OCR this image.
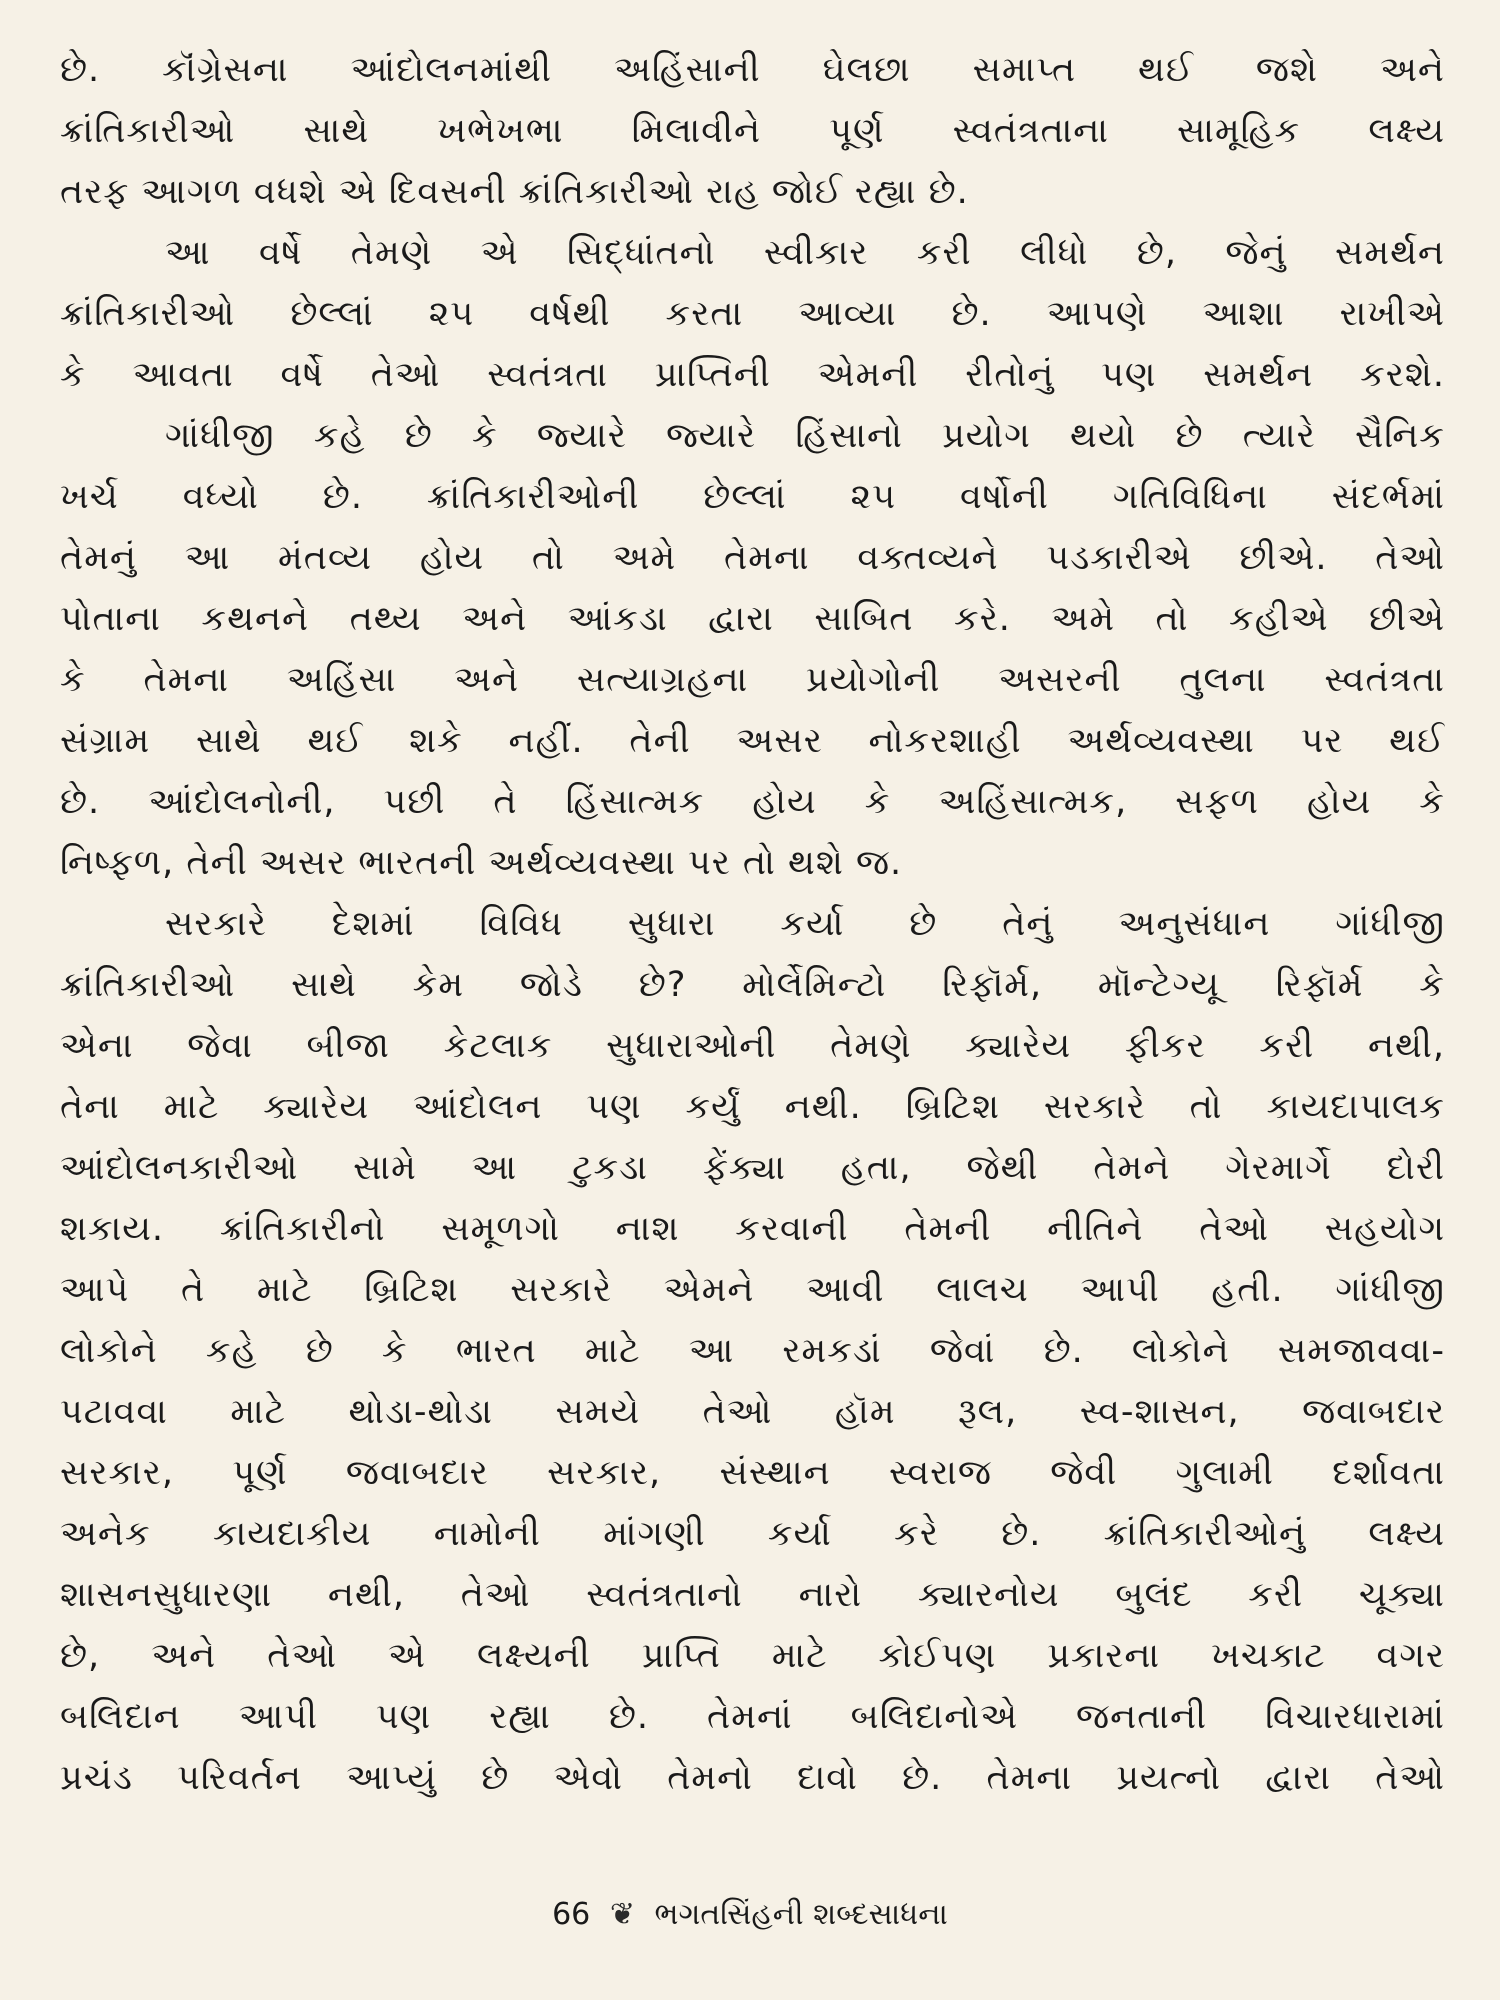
છે. કૉંગ્રેસના આંદોલનમાંથી અહિંસાની ઘેલછા સમાપ્ત થઈ જશે અને
ક્રાંતિકારીઓ સાથે ખભેખભા મિલાવીને પૂર્ણ સ્વતંત્રતાના સામૂહિક લક્ષ્ય
તરફ આગળ વધશે એ દિવસની ક્રાંતિકારીઓ રાહ જોઈ રહ્યા છે.
આ વર્ષે તેમણે એ સિદ્ધાંતનો સ્વીકાર કરી લીધો છે, જેનું સમર્થન
ક્રાંતિકારીઓ છેલ્લાં ૨૫ વર્ષથી કરતા આવ્યા છે. આપણે આશા રાખીએ
કે આવતા વર્ષે તેઓ સ્વતંત્રતા પ્રાપ્તિની એમની રીતોનું પણ સમર્થન કરશે.
ગાંધીજી કહે છે કે જ્યારે જ્યારે હિંસાનો પ્રયોગ થયો છે ત્યારે સૈનિક
ખર્ચ વધ્યો છે. ક્રાંતિકારીઓની છેલ્લાં ૨૫ વર્ષોની ગતિવિધિના સંદર્ભમાં
તેમનું આ મંતવ્ય હોય તો અમે તેમના વક્તવ્યને પડકારીએ છીએ. તેઓ
પોતાના કથનને તથ્ય અને આંકડા દ્વારા સાબિત કરે. અમે તો કહીએ છીએ
કે તેમના અહિંસા અને સત્યાગ્રહના પ્રયોગોની અસરની તુલના સ્વતંત્રતા
સંગ્રામ સાથે થઈ શકે નહીં. તેની અસર નોકરશાહી અર્થવ્યવસ્થા પર થઈ
છે. આંદોલનોની, પછી તે હિંસાત્મક હોય કે અહિંસાત્મક, સફળ હોય કે
નિષ્ફળ, તેની અસર ભારતની અર્થવ્યવસ્થા પર તો થશે જ.
સરકારે દેશમાં વિવિધ સુધારા કર્યા છે તેનું અનુસંધાન ગાંધીજી
ક્રાંતિકારીઓ સાથે કેમ જોડે છે? મોર્લેમિન્ટો રિફૉર્મ, મૉન્ટેગ્યૂ રિફૉર્મ કે
એના જેવા બીજા કેટલાક સુધારાઓની તેમણે ક્યારેય ફીકર કરી નથી,
તેના માટે ક્યારેય આંદોલન પણ કર્યું નથી. બ્રિટિશ સરકારે તો કાયદાપાલક
આંદોલનકારીઓ સામે આ ટુકડા ફેંક્યા હતા, જેથી તેમને ગેરમાર્ગે દોરી
શકાય. ક્રાંતિકારીનો સમૂળગો નાશ કરવાની તેમની નીતિને તેઓ સહયોગ
આપે તે માટે બ્રિટિશ સરકારે એમને આવી લાલચ આપી હતી. ગાંધીજી
લોકોને કહે છે કે ભારત માટે આ રમકડાં જેવાં છે. લોકોને સમજાવવા-
પટાવવા માટે થોડા-થોડા સમયે તેઓ હૉમ રૂલ, સ્વ-શાસન, જવાબદાર
સરકાર, પૂર્ણ જવાબદાર સરકાર, સંસ્થાન સ્વરાજ જેવી ગુલામી દર્શાવતા
અનેક કાયદાકીય નામોની માંગણી કર્યા કરે છે. ક્રાંતિકારીઓનું લક્ષ્ય
શાસનસુધારણા નથી, તેઓ સ્વતંત્રતાનો નારો ક્યારનોય બુલંદ કરી ચૂક્યા
છે, અને તેઓ એ લક્ષ્યની પ્રાપ્તિ માટે કોઈપણ પ્રકારના ખચકાટ વગર
બલિદાન આપી પણ રહ્યા છે. તેમનાં બલિદાનોએ જનતાની વિચારધારામાં
પ્રચંડ પરિવર્તન આપ્યું છે એવો તેમનો દાવો છે. તેમના પ્રયત્નો દ્વારા તેઓ
66 ❦ ભગતસિંહની શબ્દસાધના
